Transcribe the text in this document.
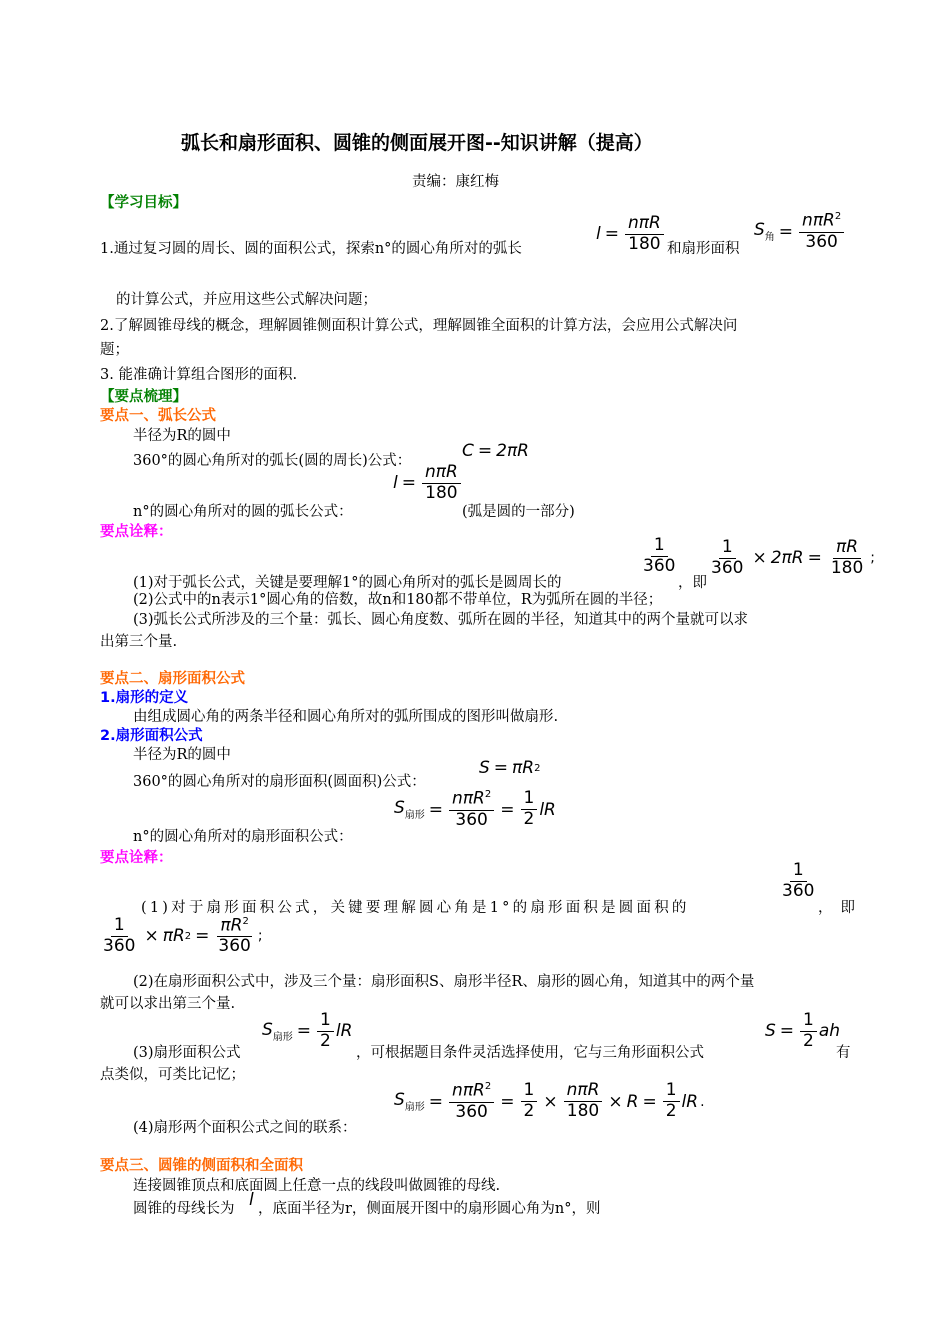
弧长和扇形面积、圆锥的侧面展开图--知识讲解（提高）
责编：康红梅
【学习目标】
1.通过复习圆的周长、圆的面积公式，探索n°的圆心角所对的弧长
$l = \frac{\text{nπR}}{180}$ 和扇形面积
$S_角 = \frac{n\pi R^2}{360}$
的计算公式，并应用这些公式解决问题；
2.了解圆锥母线的概念，理解圆锥侧面积计算公式，理解圆锥全面积的计算方法，会应用公式解决问
题；
3. 能准确计算组合图形的面积.
【要点梳理】
要点一、弧长公式
半径为R的圆中
360°的圆心角所对的弧长(圆的周长)公式：	C = 2πR
$l = \frac{\text{nπR}}{180}$
n°的圆心角所对的圆的弧长公式：	(弧是圆的一部分)
要点诠释：
(1)对于弧长公式，关键是要理解1°的圆心角所对的弧长是圆周长的
$\frac{1}{360}$
，即
$\frac{1}{360} \times 2\pi R = \frac{\pi R}{180}$ ;
(2)公式中的n表示1°圆心角的倍数，故n和180都不带单位，R为弧所在圆的半径；
(3)弧长公式所涉及的三个量：弧长、圆心角度数、弧所在圆的半径，知道其中的两个量就可以求
出第三个量.
要点二、扇形面积公式
1.扇形的定义
由组成圆心角的两条半径和圆心角所对的弧所围成的图形叫做扇形.
2.扇形面积公式
半径为R的圆中
360°的圆心角所对的扇形面积(圆面积)公式：
S = πR 2
$S_{扇形} = \frac{n\pi R^2}{360} = \frac{1}{2}$ lR
n°的圆心角所对的扇形面积公式：
要点诠释：
(1)对于扇形面积公式，关键要理解圆心角是1°的扇形面积是圆面积的
$\frac{1}{360}$
，即
$\frac{1}{360} \times \pi R$ $2 = \frac{\pi R^2}{360}$ ;
(2)在扇形面积公式中，涉及三个量：扇形面积S、扇形半径R、扇形的圆心角，知道其中的两个量
就可以求出第三个量.
(3)扇形面积公式
$S_{扇形} = \frac{1}{2}$ lR
，可根据题目条件灵活选择使用，它与三角形面积公式
$S = \frac{1}{2}$ ah
有
点类似，可类比记忆；
$S_{扇形} = \frac{n\pi R^2}{360} = \frac{1}{2} \times \frac{\text{nπR}}{180} \times R = \frac{1}{2}$ lR .
(4)扇形两个面积公式之间的联系：
要点三、圆锥的侧面积和全面积
连接圆锥顶点和底面圆上任意一点的线段叫做圆锥的母线.
圆锥的母线长为 l ，底面半径为r，侧面展开图中的扇形圆心角为n°，则
